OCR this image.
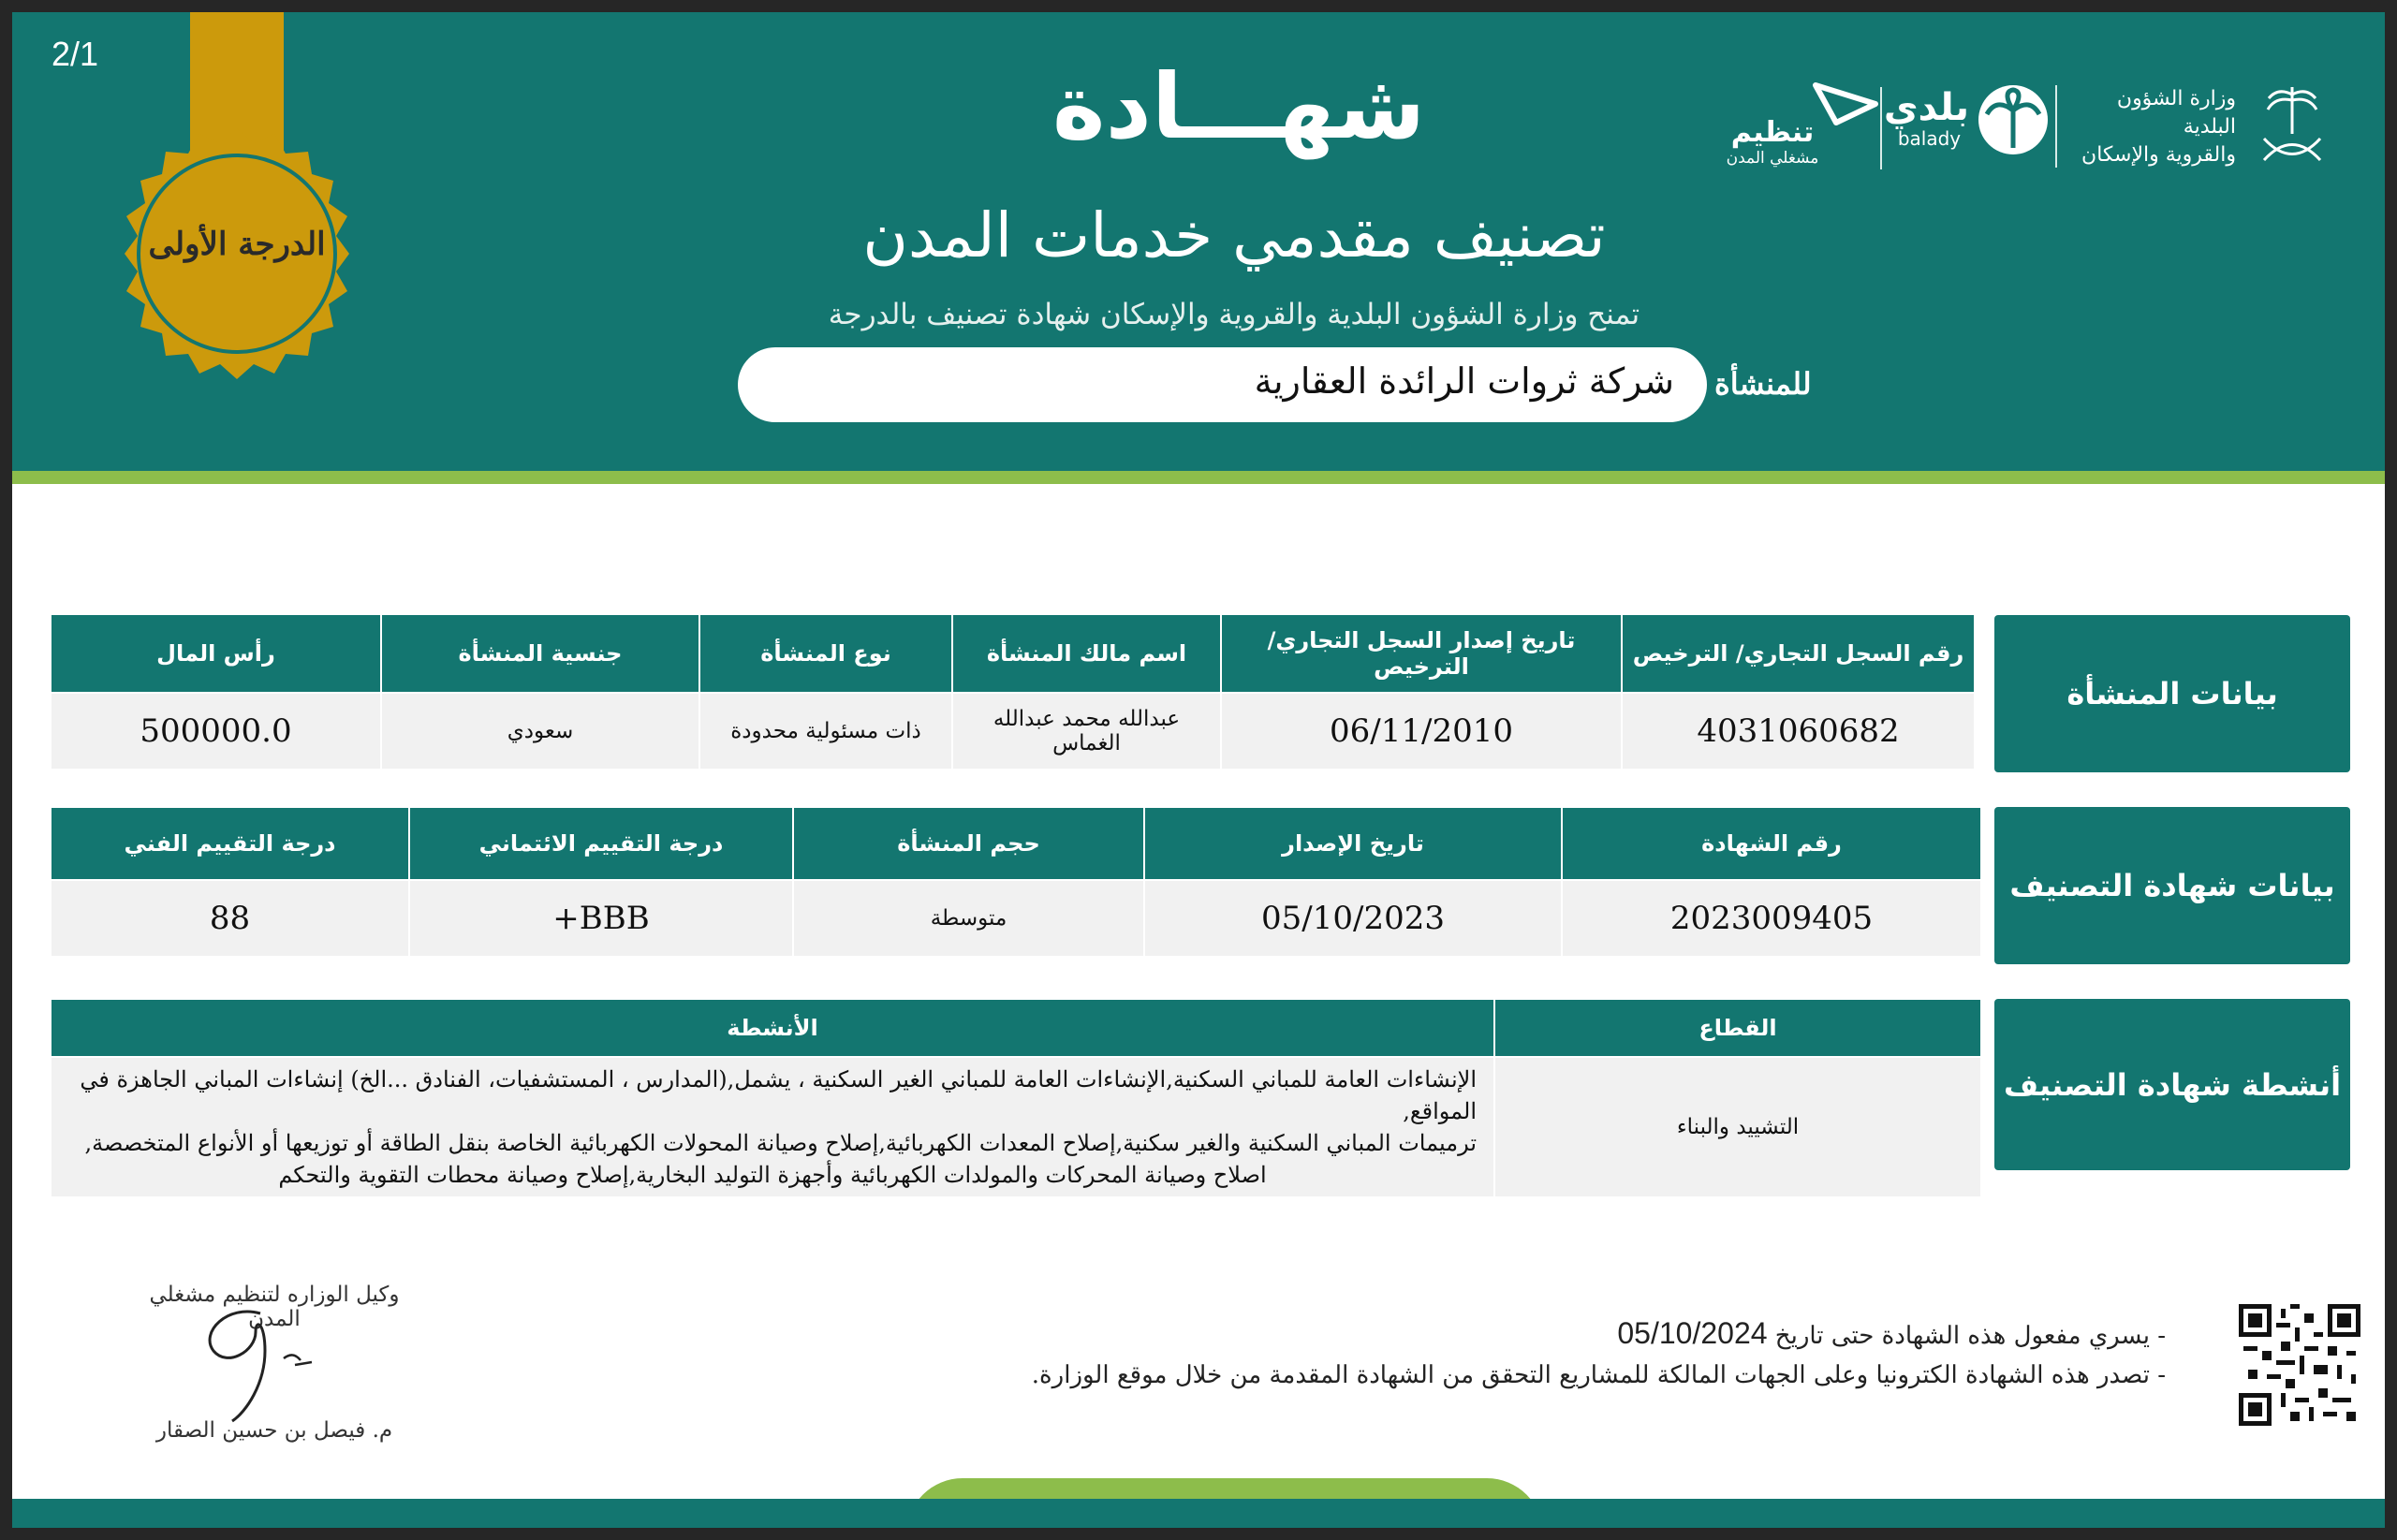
2/1
الدرجة الأولى
شهـــادة
تصنيف مقدمي خدمات المدن
تمنح وزارة الشؤون البلدية والقروية والإسكان شهادة تصنيف بالدرجة
شركة ثروات الرائدة العقارية للمنشأة
وزارة الشؤون البلدية
والقروية والإسكان
بلدي
balady
تنظيم
مشغلي المدن
بيانات المنشأة
رقم السجل التجاري/ الترخيص	تاريخ إصدار السجل التجاري/ الترخيص	اسم مالك المنشأة	نوع المنشأة	جنسية المنشأة	رأس المال
4031060682	06/11/2010	عبدالله محمد عبدالله الغماس	ذات مسئولية محدودة	سعودي	500000.0
بيانات شهادة التصنيف
رقم الشهادة	تاريخ الإصدار	حجم المنشأة	درجة التقييم الائتماني	درجة التقييم الفني
2023009405	05/10/2023	متوسطة	BBB+	88
أنشطة شهادة التصنيف
القطاع	الأنشطة
التشييد والبناء	الإنشاءات العامة للمباني السكنية,الإنشاءات العامة للمباني الغير السكنية ، يشمل,(المدارس ، المستشفيات، الفنادق ...الخ) إنشاءات المباني الجاهزة في المواقع,
ترميمات المباني السكنية والغير سكنية,إصلاح المعدات الكهربائية,إصلاح وصيانة المحولات الكهربائية الخاصة بنقل الطاقة أو توزيعها أو الأنواع المتخصصة,
اصلاح وصيانة المحركات والمولدات الكهربائية وأجهزة التوليد البخارية,إصلاح وصيانة محطات التقوية والتحكم
- يسري مفعول هذه الشهادة حتى تاريخ 05/10/2024
- تصدر هذه الشهادة الكترونيا وعلى الجهات المالكة للمشاريع التحقق من الشهادة المقدمة من خلال موقع الوزارة.
وكيل الوزاره لتنظيم مشغلي المدن
م. فيصل بن حسين الصقار
